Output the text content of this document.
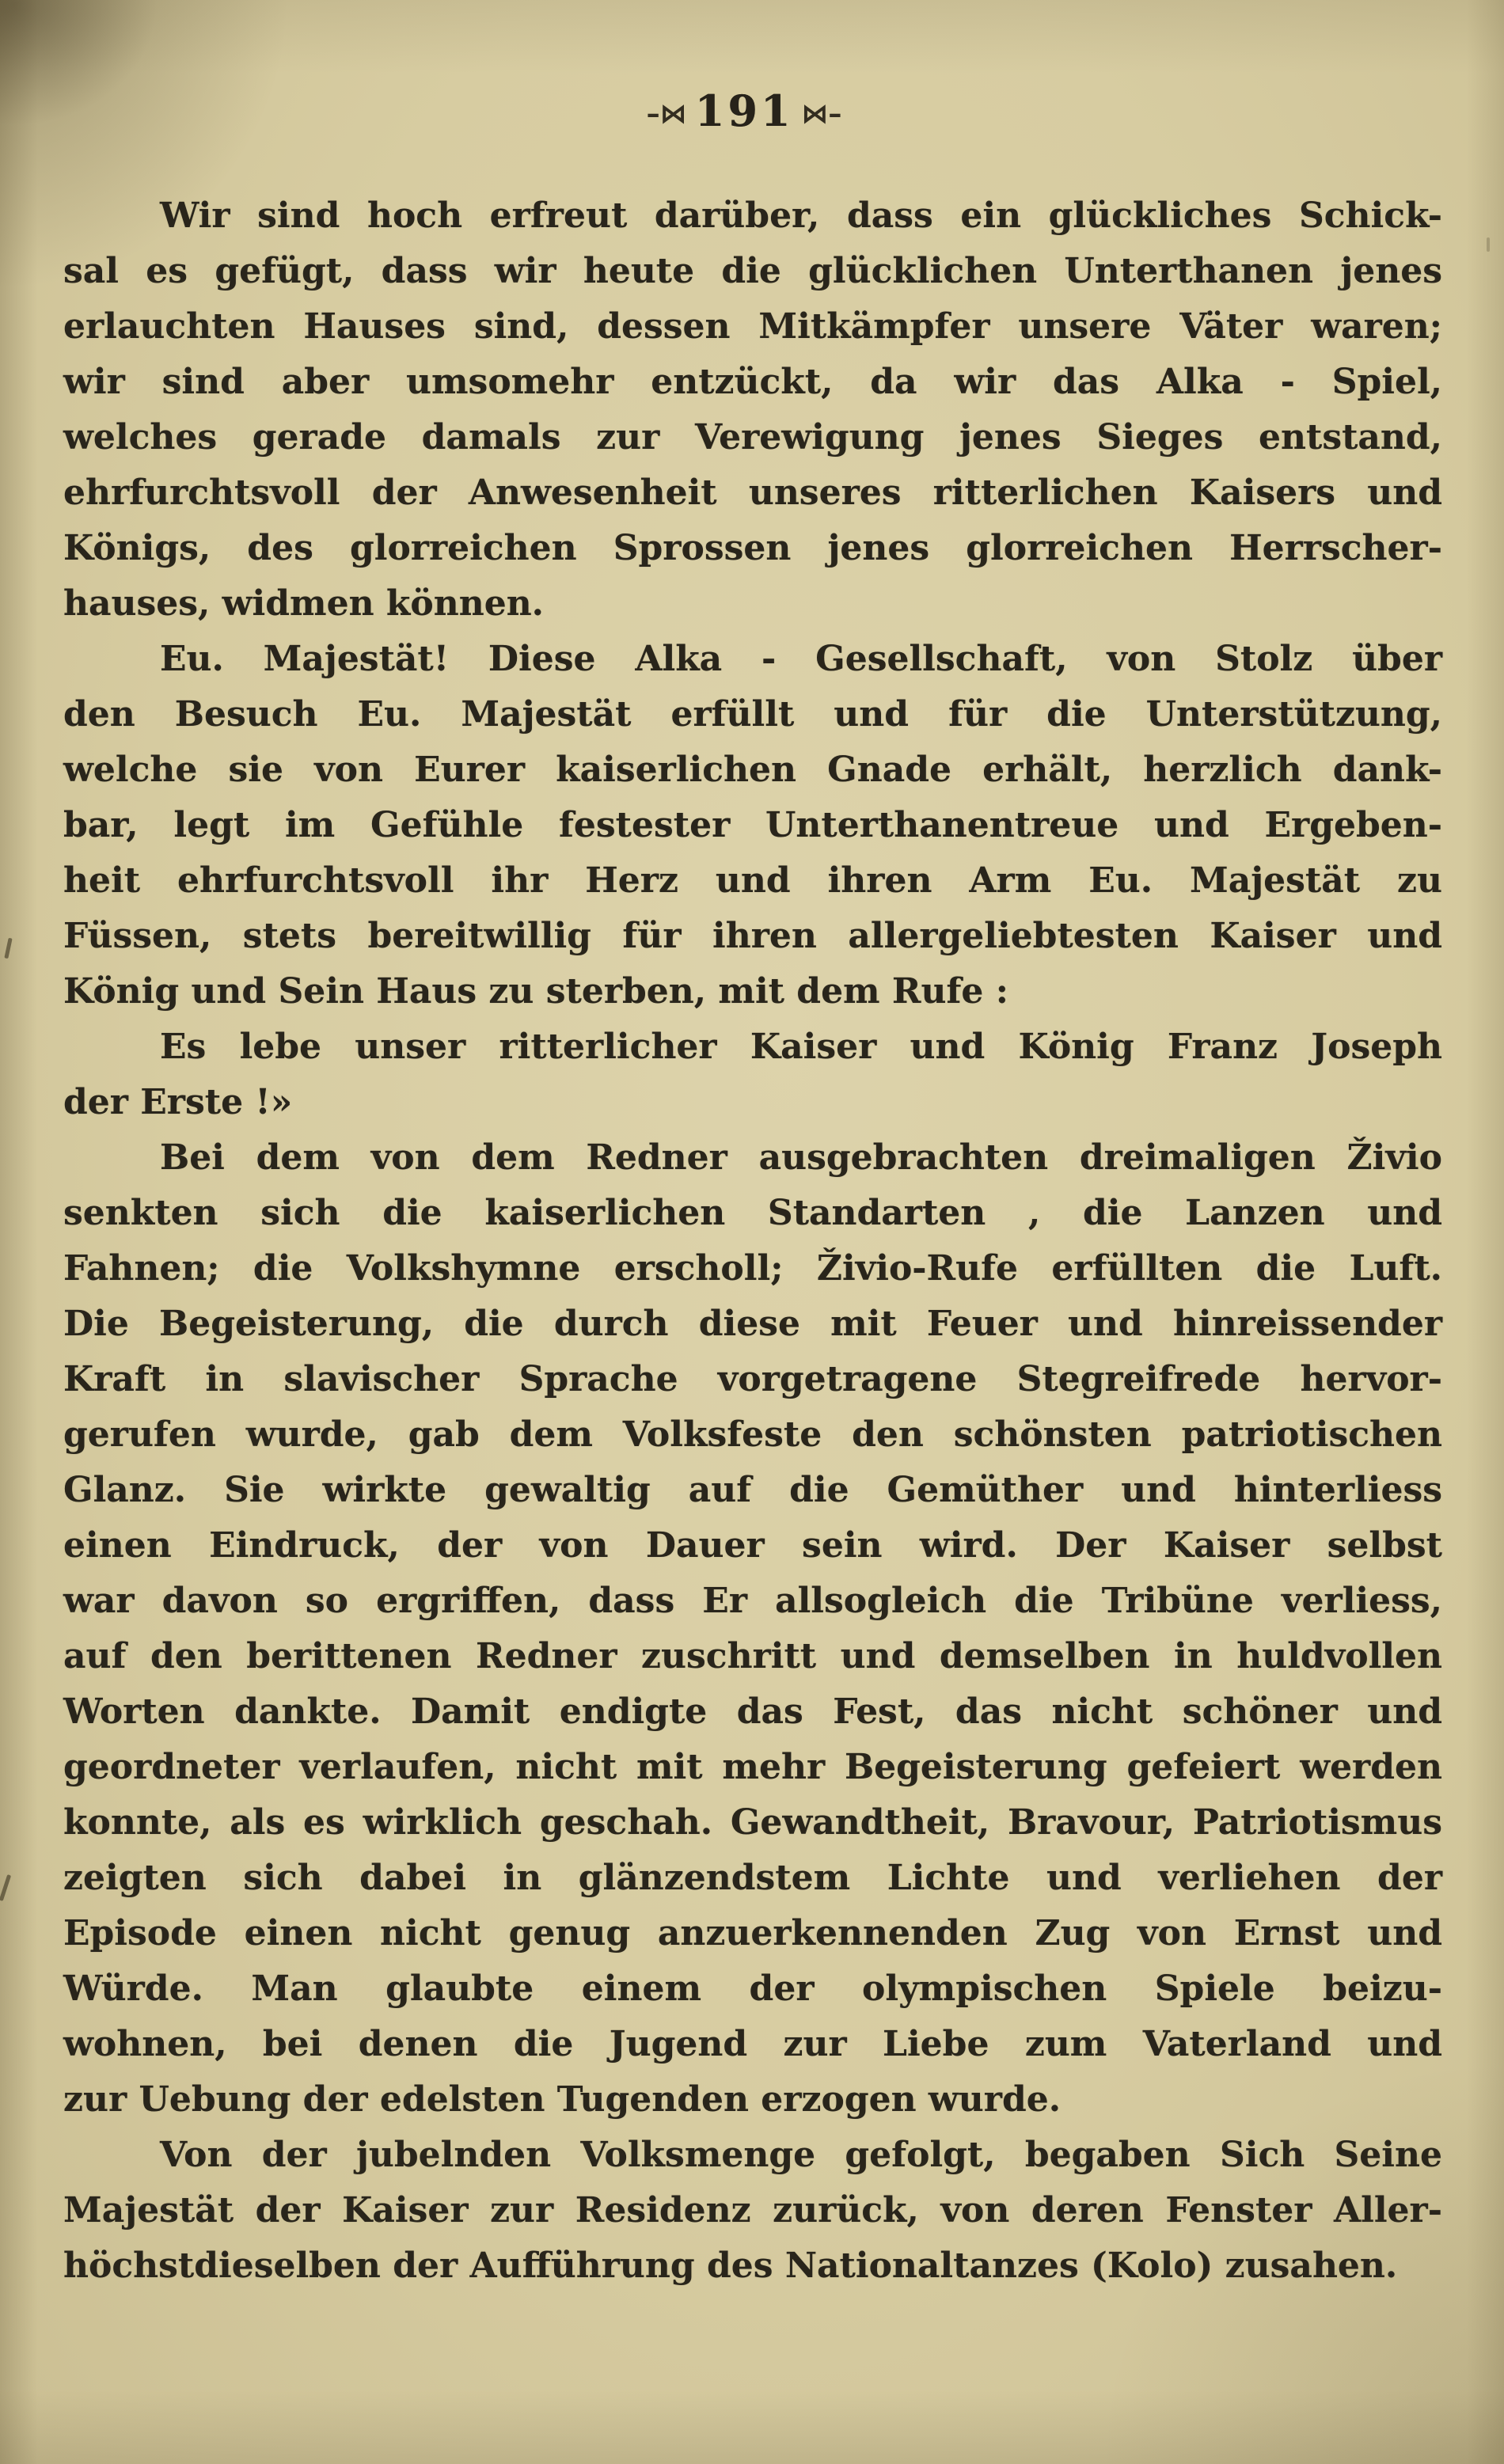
–⋈ 191 ⋈–
Wir sind hoch erfreut darüber, dass ein glückliches Schick-
sal es gefügt, dass wir heute die glücklichen Unterthanen jenes
erlauchten Hauses sind, dessen Mitkämpfer unsere Väter waren;
wir sind aber umsomehr entzückt, da wir das Alka - Spiel,
welches gerade damals zur Verewigung jenes Sieges entstand,
ehrfurchtsvoll der Anwesenheit unseres ritterlichen Kaisers und
Königs, des glorreichen Sprossen jenes glorreichen Herrscher-
hauses, widmen können.
Eu. Majestät! Diese Alka - Gesellschaft, von Stolz über
den Besuch Eu. Majestät erfüllt und für die Unterstützung,
welche sie von Eurer kaiserlichen Gnade erhält, herzlich dank-
bar, legt im Gefühle festester Unterthanentreue und Ergeben-
heit ehrfurchtsvoll ihr Herz und ihren Arm Eu. Majestät zu
Füssen, stets bereitwillig für ihren allergeliebtesten Kaiser und
König und Sein Haus zu sterben, mit dem Rufe :
Es lebe unser ritterlicher Kaiser und König Franz Joseph
der Erste !»
Bei dem von dem Redner ausgebrachten dreimaligen Živio
senkten sich die kaiserlichen Standarten , die Lanzen und
Fahnen; die Volkshymne erscholl; Živio-Rufe erfüllten die Luft.
Die Begeisterung, die durch diese mit Feuer und hinreissender
Kraft in slavischer Sprache vorgetragene Stegreifrede hervor-
gerufen wurde, gab dem Volksfeste den schönsten patriotischen
Glanz. Sie wirkte gewaltig auf die Gemüther und hinterliess
einen Eindruck, der von Dauer sein wird. Der Kaiser selbst
war davon so ergriffen, dass Er allsogleich die Tribüne verliess,
auf den berittenen Redner zuschritt und demselben in huldvollen
Worten dankte. Damit endigte das Fest, das nicht schöner und
geordneter verlaufen, nicht mit mehr Begeisterung gefeiert werden
konnte, als es wirklich geschah. Gewandtheit, Bravour, Patriotismus
zeigten sich dabei in glänzendstem Lichte und verliehen der
Episode einen nicht genug anzuerkennenden Zug von Ernst und
Würde. Man glaubte einem der olympischen Spiele beizu-
wohnen, bei denen die Jugend zur Liebe zum Vaterland und
zur Uebung der edelsten Tugenden erzogen wurde.
Von der jubelnden Volksmenge gefolgt, begaben Sich Seine
Majestät der Kaiser zur Residenz zurück, von deren Fenster Aller-
höchstdieselben der Aufführung des Nationaltanzes (Kolo) zusahen.
